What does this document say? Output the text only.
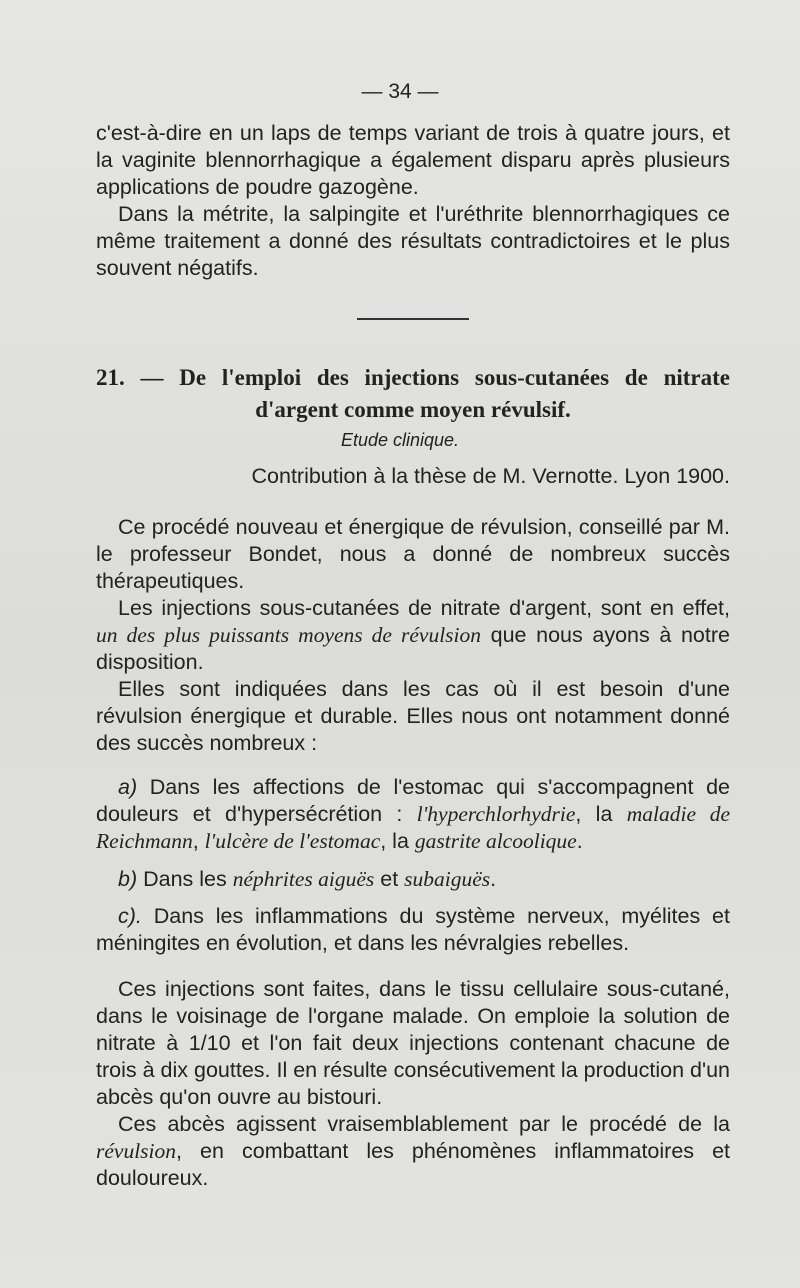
— 34 —
c'est-à-dire en un laps de temps variant de trois à quatre jours, et la vaginite blennorrhagique a également disparu après plusieurs applications de poudre gazogène.
Dans la métrite, la salpingite et l'uréthrite blennorrhagiques ce même traitement a donné des résultats contradictoires et le plus souvent négatifs.
21. — De l'emploi des injections sous-cutanées de nitrate
d'argent comme moyen révulsif.
Etude clinique.
Contribution à la thèse de M. Vernotte. Lyon 1900.
Ce procédé nouveau et énergique de révulsion, conseillé par M. le professeur Bondet, nous a donné de nombreux succès thérapeutiques.
Les injections sous-cutanées de nitrate d'argent, sont en effet, un des plus puissants moyens de révulsion que nous ayons à notre disposition.
Elles sont indiquées dans les cas où il est besoin d'une révulsion énergique et durable. Elles nous ont notamment donné des succès nombreux :
a) Dans les affections de l'estomac qui s'accompagnent de douleurs et d'hypersécrétion : l'hyperchlorhydrie, la maladie de Reichmann, l'ulcère de l'estomac, la gastrite alcoolique.
b) Dans les néphrites aiguës et subaiguës.
c). Dans les inflammations du système nerveux, myélites et méningites en évolution, et dans les névralgies rebelles.
Ces injections sont faites, dans le tissu cellulaire sous-cutané, dans le voisinage de l'organe malade. On emploie la solution de nitrate à 1/10 et l'on fait deux injections contenant chacune de trois à dix gouttes. Il en résulte consécutivement la production d'un abcès qu'on ouvre au bistouri.
Ces abcès agissent vraisemblablement par le procédé de la révulsion, en combattant les phénomènes inflammatoires et douloureux.
